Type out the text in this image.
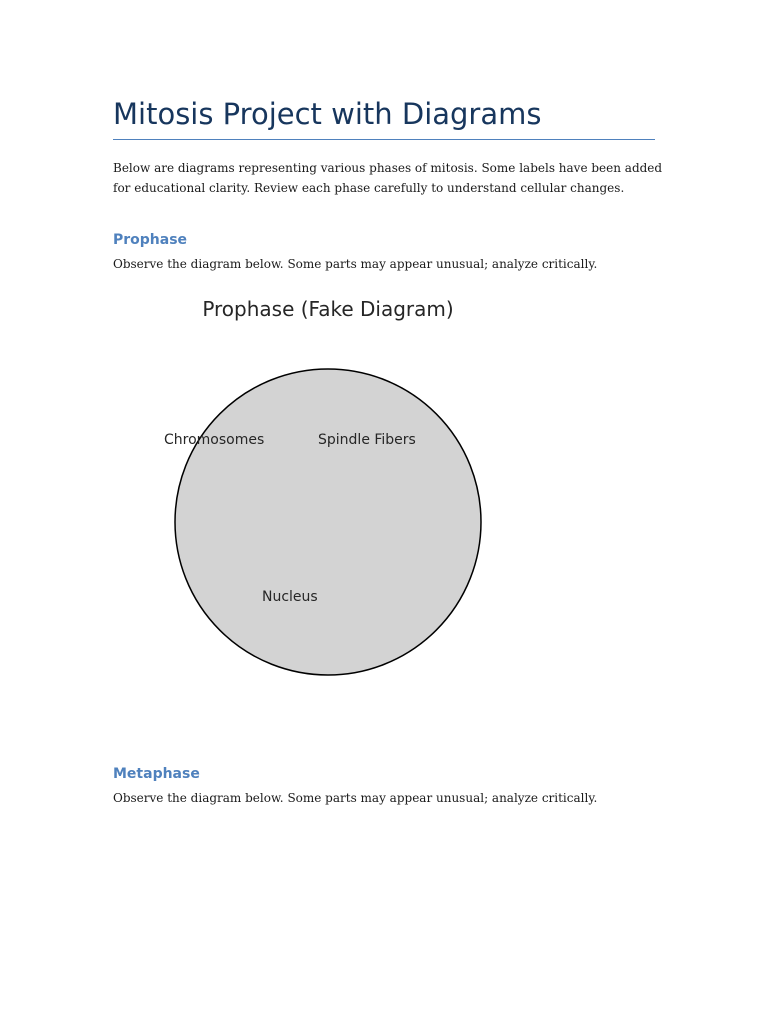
Mitosis Project with Diagrams

Below are diagrams representing various phases of mitosis. Some labels have been added for educational clarity. Review each phase carefully to understand cellular changes.

Prophase

Observe the diagram below. Some parts may appear unusual; analyze critically.

Prophase (Fake Diagram)
Chromosomes	Spindle Fibers
Nucleus
Metaphase

Observe the diagram below. Some parts may appear unusual; analyze critically.
